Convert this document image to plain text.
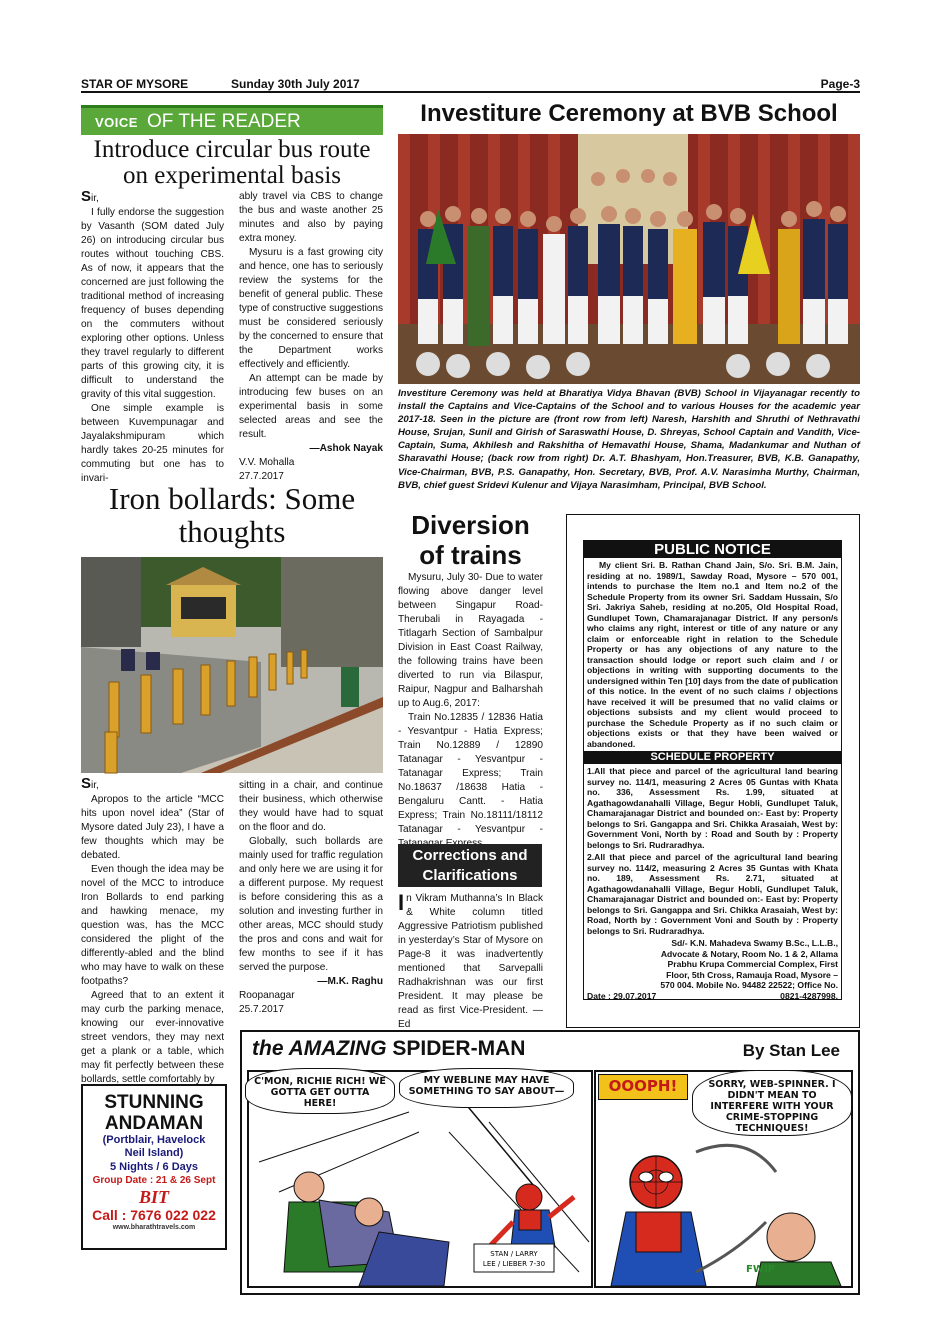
STAR OF MYSORE	Sunday 30th July 2017	Page-3
VOICE OF THE READER
Introduce circular bus route on experimental basis

Sir,

I fully endorse the suggestion by Vasanth (SOM dated July 26) on introducing circular bus routes without touching CBS. As of now, it appears that the concerned are just following the traditional method of increasing frequency of buses depending on the commuters without exploring other options. Unless they travel regularly to different parts of this growing city, it is difficult to understand the gravity of this vital suggestion.

One simple example is between Kuvempunagar and Jayalakshmipuram which hardly takes 20-25 minutes for commuting but one has to invari-

ably travel via CBS to change the bus and waste another 25 minutes and also by paying extra money.

Mysuru is a fast growing city and hence, one has to seriously review the systems for the benefit of general public. These type of constructive suggestions must be considered seriously by the concerned to ensure that the Department works effectively and efficiently.

An attempt can be made by introducing few buses on an experimental basis in some selected areas and see the result.

—Ashok Nayak

V.V. Mohalla

27.7.2017

Investiture Ceremony at BVB School
Investiture Ceremony was held at Bharatiya Vidya Bhavan (BVB) School in Vijayanagar recently to install the Captains and Vice-Captains of the School and to various Houses for the academic year 2017-18. Seen in the picture are (front row from left) Naresh, Harshith and Shruthi of Nethravathi House, Srujan, Sunil and Girish of Saraswathi House, D. Shreyas, School Captain and Vandith, Vice-Captain, Suma, Akhilesh and Rakshitha of Hemavathi House, Shama, Madankumar and Nuthan of Sharavathi House; (back row from right) Dr. A.T. Bhashyam, Hon.Treasurer, BVB, K.B. Ganapathy, Vice-Chairman, BVB, P.S. Ganapathy, Hon. Secretary, BVB, Prof. A.V. Narasimha Murthy, Chairman, BVB, chief guest Sridevi Kulenur and Vijaya Narasimham, Principal, BVB School.
Iron bollards: Some thoughts

Sir,

Apropos to the article “MCC hits upon novel idea” (Star of Mysore dated July 23), I have a few thoughts which may be debated.

Even though the idea may be novel of the MCC to introduce Iron Bollards to end parking and hawking menace, my question was, has the MCC considered the plight of the differently-abled and the blind who may have to walk on these footpaths?

Agreed that to an extent it may curb the parking menace, knowing our ever-innovative street vendors, they may next get a plank or a table, which may fit perfectly between these bollards, settle comfortably by

sitting in a chair, and continue their business, which otherwise they would have had to squat on the floor and do.

Globally, such bollards are mainly used for traffic regulation and only here we are using it for a different purpose. My request is before considering this as a solution and investing further in other areas, MCC should study the pros and cons and wait for few months to see if it has served the purpose.

—M.K. Raghu

Roopanagar

25.7.2017

Diversion of trains

Mysuru, July 30- Due to water flowing above danger level between Singapur Road-Therubali in Rayagada - Titlagarh Section of Sambalpur Division in East Coast Railway, the following trains have been diverted to run via Bilaspur, Raipur, Nagpur and Balharshah up to Aug.6, 2017:

Train No.12835 / 12836 Hatia - Yesvantpur - Hatia Express; Train No.12889 / 12890 Tatanagar - Yesvantpur - Tatanagar Express; Train No.18637 /18638 Hatia - Bengaluru Cantt. - Hatia Express; Train No.18111/18112 Tatanagar - Yesvantpur -

Corrections and Clarifications

In Vikram Muthanna’s In Black & White column titled Aggressive Patriotism published in yesterday’s Star of Mysore on Page-8 it was inadvertently mentioned that Sarvepalli Radhakrishnan was our first President. It may please be read as first Vice-President. —Ed

PUBLIC NOTICE
My client Sri. B. Rathan Chand Jain, S/o. Sri. B.M. Jain, residing at no. 1989/1, Sawday Road, Mysore – 570 001, intends to purchase the Item no.1 and Item no.2 of the Schedule Property from its owner Sri. Saddam Hussain, S/o Sri. Jakriya Saheb, residing at no.205, Old Hospital Road, Gundlupet Town, Chamarajanagar District. If any person/s who claims any right, interest or title of any nature or any claim or enforceable right in relation to the Schedule Property or has any objections of any nature to the transaction should lodge or report such claim and / or objections in writing with supporting documents to the undersigned within Ten [10] days from the date of publication of this notice. In the event of no such claims / objections have received it will be presumed that no valid claims or objections subsists and my client would proceed to purchase the Schedule Property as if no such claim or objections exists or that they have been waived or abandoned.
SCHEDULE PROPERTY
1.All that piece and parcel of the agricultural land bearing survey no. 114/1, measuring 2 Acres 05 Guntas with Khata no. 336, Assessment Rs. 1.99, situated at Agathagowdanahalli Village, Begur Hobli, Gundlupet Taluk, Chamarajanagar District and bounded on:- East by: Property belongs to Sri. Gangappa and Sri. Chikka Arasaiah, West by: Government Voni, North by : Road and South by : Property belongs to Sri. Rudraradhya.
2.All that piece and parcel of the agricultural land bearing survey no. 114/2, measuring 2 Acres 35 Guntas with Khata no. 189, Assessment Rs. 2.71, situated at Agathagowdanahalli Village, Begur Hobli, Gundlupet Taluk, Chamarajanagar District and bounded on:- East by: Property belongs to Sri. Gangappa and Sri. Chikka Arasaiah, West by: Road, North by : Government Voni and South by : Property belongs to Sri. Rudraradhya.
Sd/- K.N. Mahadeva Swamy B.Sc., L.L.B.,
Advocate & Notary, Room No. 1 & 2, Allama
Prabhu Krupa Commercial Complex, First
Floor, 5th Cross, Ramauja Road, Mysore –
570 004. Mobile No. 94482 22522; Office No.
Date : 29.07.2017	0821-4287998.
STUNNING
ANDAMAN
(Portblair, Havelock
Neil Island)
5 Nights / 6 Days
Group Date : 21 & 26 Sept
BIT
Call : 7676 022 022
www.bharathtravels.com
the AMAZING SPIDER-MAN	By Stan Lee
STAN / LARRY
LEE / LIEBER 7-30
C'MON, RICHIE RICH! WE GOTTA GET OUTTA HERE!
MY WEBLINE MAY HAVE SOMETHING TO SAY ABOUT—
FWIP
OOOPH!	SORRY, WEB-SPINNER. I DIDN'T MEAN TO INTERFERE WITH YOUR CRIME-STOPPING TECHNIQUES!
